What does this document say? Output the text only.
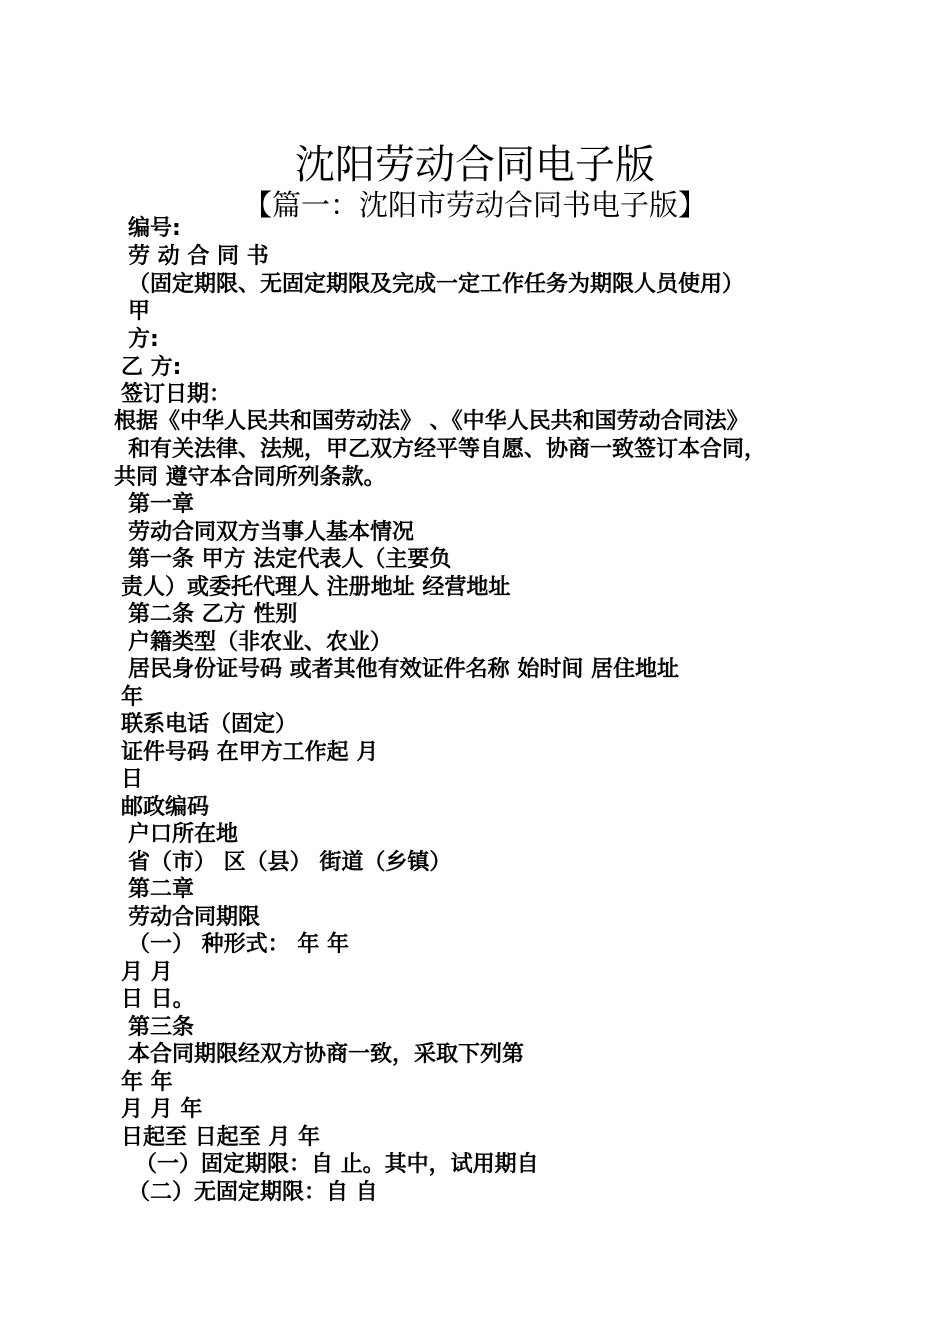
沈阳劳动合同电子版
【篇一：沈阳市劳动合同书电子版】

编号:

劳 动 合 同 书

（固定期限、无固定期限及完成一定工作任务为期限人员使用）

甲

方:

乙 方:

签订日期：

根据《中华人民共和国劳动法》 、《中华人民共和国劳动合同法》

和有关法律、法规，甲乙双方经平等自愿、协商一致签订本合同，

共同 遵守本合同所列条款。

第一章

劳动合同双方当事人基本情况

第一条 甲方 法定代表人（主要负

责人）或委托代理人 注册地址 经营地址

第二条 乙方 性别

户籍类型（非农业、农业）

居民身份证号码 或者其他有效证件名称 始时间 居住地址

年

联系电话（固定）

证件号码 在甲方工作起 月

日

邮政编码

户口所在地

省（市） 区（县） 街道（乡镇）

第二章

劳动合同期限

（一） 种形式： 年 年

月 月

日 日。

第三条

本合同期限经双方协商一致，采取下列第

年 年

月 月 年

日起至 日起至 月 年

（一）固定期限：自 止。其中，试用期自

（二）无固定期限：自 自
